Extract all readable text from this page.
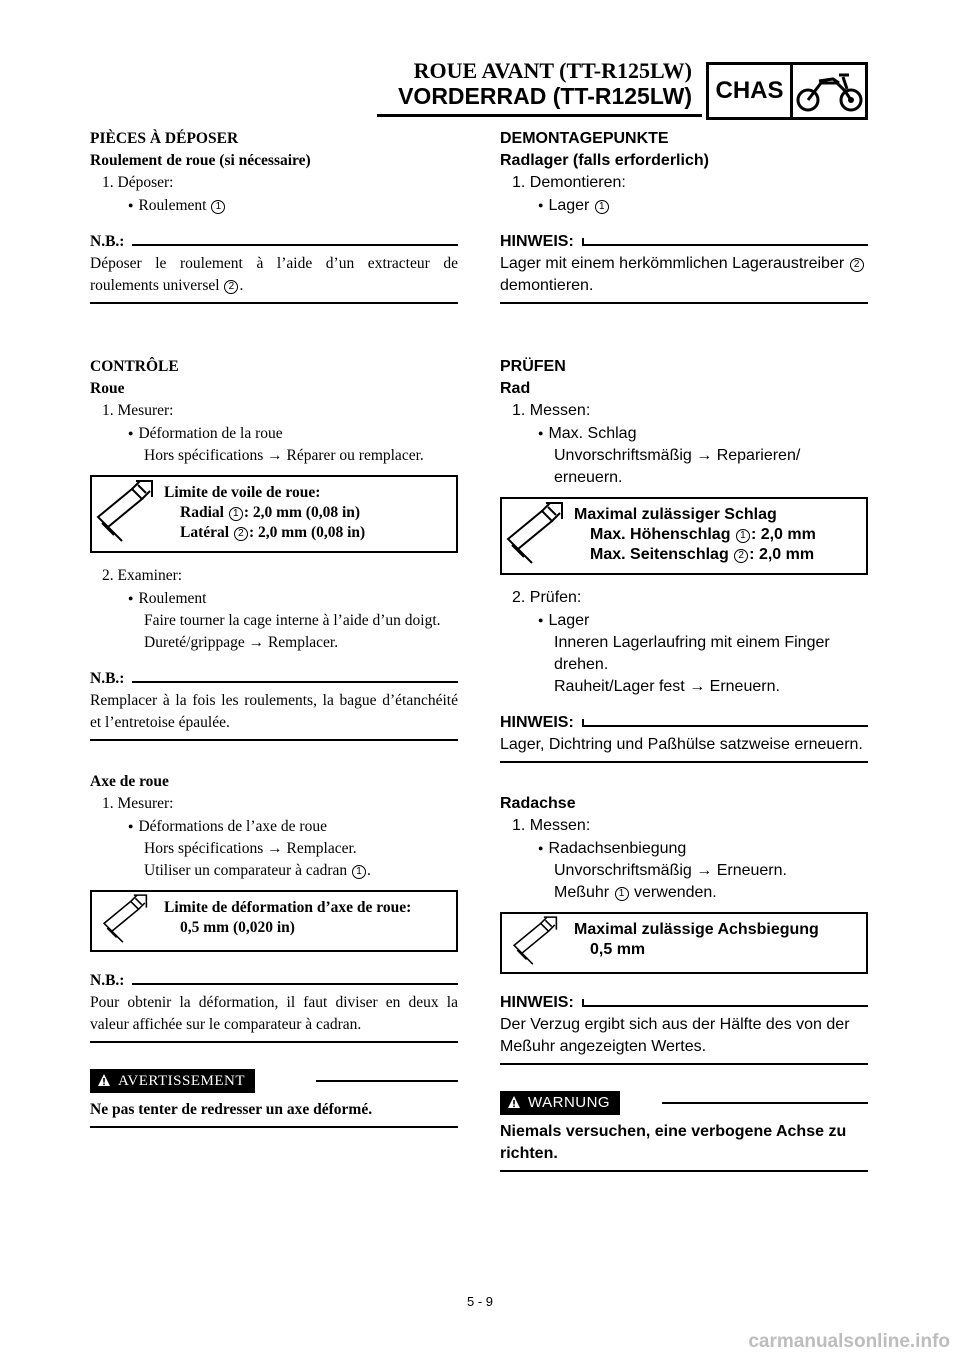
ROUE AVANT (TT-R125LW)
VORDERRAD (TT-R125LW) CHAS

PIÈCES À DÉPOSER

Roulement de roue (si nécessaire)

1. Déposer:

● Roulement 1

N.B.:

Déposer le roulement à l’aide d’un extracteur de roulements universel 2 .

CONTRÔLE

Roue

1. Mesurer:

● Déformation de la roue

Hors spécifications → Réparer ou remplacer.

Limite de voile de roue:
Radial 1 : 2,0 mm (0,08 in)
Latéral 2 : 2,0 mm (0,08 in)

2. Examiner:

● Roulement

Faire tourner la cage interne à l’aide d’un doigt.

Dureté/grippage → Remplacer.

N.B.:

Remplacer à la fois les roulements, la bague d’étanchéité et l’entretoise épaulée.

Axe de roue

1. Mesurer:

● Déformations de l’axe de roue

Hors spécifications → Remplacer.

Utiliser un comparateur à cadran 1 .

Limite de déformation d’axe de roue:
0,5 mm (0,020 in)
N.B.:

Pour obtenir la déformation, il faut diviser en deux la valeur affichée sur le comparateur à cadran.

AVERTISSEMENT

Ne pas tenter de redresser un axe déformé.

DEMONTAGEPUNKTE

Radlager (falls erforderlich)

1. Demontieren:

● Lager 1

HINWEIS:

Lager mit einem herkömmlichen Lageraustreiber 2 demontieren.

PRÜFEN

Rad

1. Messen:

● Max. Schlag

Unvorschriftsmäßig → Reparieren/ erneuern.

Maximal zulässiger Schlag
Max. Höhenschlag 1 : 2,0 mm
Max. Seitenschlag 2 : 2,0 mm

2. Prüfen:

● Lager

Inneren Lagerlaufring mit einem Finger drehen.

Rauheit/Lager fest → Erneuern.

HINWEIS:

Lager, Dichtring und Paßhülse satzweise erneuern.

Radachse

1. Messen:

● Radachsenbiegung

Unvorschriftsmäßig → Erneuern.

Meßuhr 1 verwenden.

Maximal zulässige Achsbiegung
0,5 mm
HINWEIS:

Der Verzug ergibt sich aus der Hälfte des von der Meßuhr angezeigten Wertes.

WARNUNG

Niemals versuchen, eine verbogene Achse zu richten.

5 - 9
carmanualsonline.info
